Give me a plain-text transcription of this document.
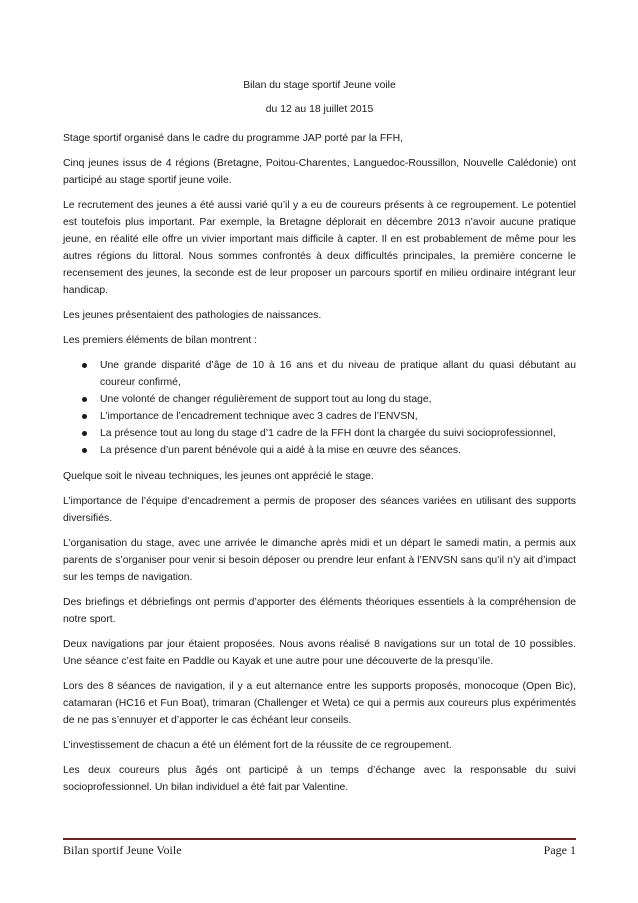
Bilan du stage sportif Jeune voile

du 12 au 18 juillet 2015

Stage sportif organisé dans le cadre du programme JAP porté par la FFH,

Cinq jeunes issus de 4 régions (Bretagne, Poitou-Charentes, Languedoc-Roussillon, Nouvelle Calédonie) ont participé au stage sportif jeune voile.

Le recrutement des jeunes a été aussi varié qu’il y a eu de coureurs présents à ce regroupement. Le potentiel est toutefois plus important. Par exemple, la Bretagne déplorait en décembre 2013 n’avoir aucune pratique jeune, en réalité elle offre un vivier important mais difficile à capter. Il en est probablement de même pour les autres régions du littoral. Nous sommes confrontés à deux difficultés principales, la première concerne le recensement des jeunes, la seconde est de leur proposer un parcours sportif en milieu ordinaire intégrant leur handicap.

Les jeunes présentaient des pathologies de naissances.

Les premiers éléments de bilan montrent :

Une grande disparité d’âge de 10 à 16 ans et du niveau de pratique allant du quasi débutant au coureur confirmé,
Une volonté de changer régulièrement de support tout au long du stage,
L’importance de l’encadrement technique avec 3 cadres de l’ENVSN,
La présence tout au long du stage d’1 cadre de la FFH dont la chargée du suivi socioprofessionnel,
La présence d’un parent bénévole qui a aidé à la mise en œuvre des séances.

Quelque soit le niveau techniques, les jeunes ont apprécié le stage.

L’importance de l’équipe d’encadrement a permis de proposer des séances variées en utilisant des supports diversifiés.

L’organisation du stage, avec une arrivée le dimanche après midi et un départ le samedi matin, a permis aux parents de s’organiser pour venir si besoin déposer ou prendre leur enfant à l’ENVSN sans qu’il n’y ait d’impact sur les temps de navigation.

Des briefings et débriefings ont permis d’apporter des éléments théoriques essentiels à la compréhension de notre sport.

Deux navigations par jour étaient proposées. Nous avons réalisé 8 navigations sur un total de 10 possibles. Une séance c’est faite en Paddle ou Kayak et une autre pour une découverte de la presqu’ile.

Lors des 8 séances de navigation, il y a eut alternance entre les supports proposés, monocoque (Open Bic), catamaran (HC16 et Fun Boat), trimaran (Challenger et Weta) ce qui a permis aux coureurs plus expérimentés de ne pas s’ennuyer et d’apporter le cas échéant leur conseils.

L’investissement de chacun a été un élément fort de la réussite de ce regroupement.

Les deux coureurs plus âgés ont participé à un temps d’échange avec la responsable du suivi socioprofessionnel. Un bilan individuel a été fait par Valentine.

Bilan sportif Jeune Voile	Page 1
